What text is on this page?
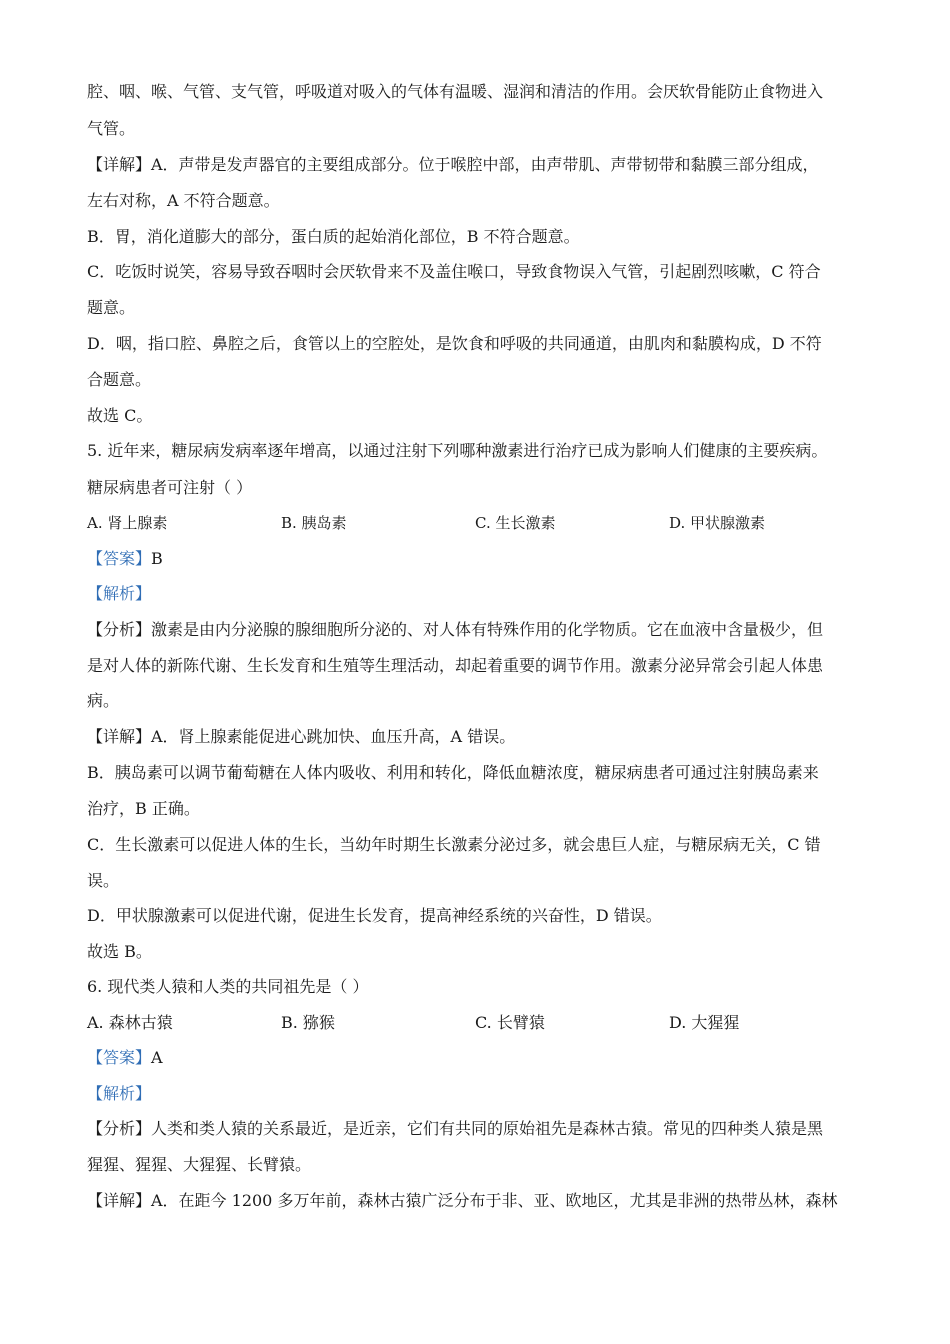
腔、咽、喉、气管、支气管，呼吸道对吸入的气体有温暖、湿润和清洁的作用。会厌软骨能防止食物进入
气管。
【详解】A．声带是发声器官的主要组成部分。位于喉腔中部，由声带肌、声带韧带和黏膜三部分组成，
左右对称，A 不符合题意。
B．胃，消化道膨大的部分，蛋白质的起始消化部位，B 不符合题意。
C．吃饭时说笑，容易导致吞咽时会厌软骨来不及盖住喉口，导致食物误入气管，引起剧烈咳嗽，C 符合
题意。
D．咽，指口腔、鼻腔之后，食管以上的空腔处，是饮食和呼吸的共同通道，由肌肉和黏膜构成，D 不符
合题意。
故选 C。
5. 近年来，糖尿病发病率逐年增高，以通过注射下列哪种激素进行治疗已成为影响人们健康的主要疾病。
糖尿病患者可注射（ ）
A. 肾上腺素	B. 胰岛素	C. 生长激素	D. 甲状腺激素
【答案】B
【解析】
【分析】激素是由内分泌腺的腺细胞所分泌的、对人体有特殊作用的化学物质。它在血液中含量极少，但
是对人体的新陈代谢、生长发育和生殖等生理活动，却起着重要的调节作用。激素分泌异常会引起人体患
病。
【详解】A．肾上腺素能促进心跳加快、血压升高，A 错误。
B．胰岛素可以调节葡萄糖在人体内吸收、利用和转化，降低血糖浓度，糖尿病患者可通过注射胰岛素来
治疗，B 正确。
C．生长激素可以促进人体的生长，当幼年时期生长激素分泌过多，就会患巨人症，与糖尿病无关，C 错
误。
D．甲状腺激素可以促进代谢，促进生长发育，提高神经系统的兴奋性，D 错误。
故选 B。
6. 现代类人猿和人类的共同祖先是（ ）
A. 森林古猿	B. 猕猴	C. 长臂猿	D. 大猩猩
【答案】A
【解析】
【分析】人类和类人猿的关系最近，是近亲，它们有共同的原始祖先是森林古猿。常见的四种类人猿是黑
猩猩、猩猩、大猩猩、长臂猿。
【详解】A．在距今 1200 多万年前，森林古猿广泛分布于非、亚、欧地区，尤其是非洲的热带丛林，森林
